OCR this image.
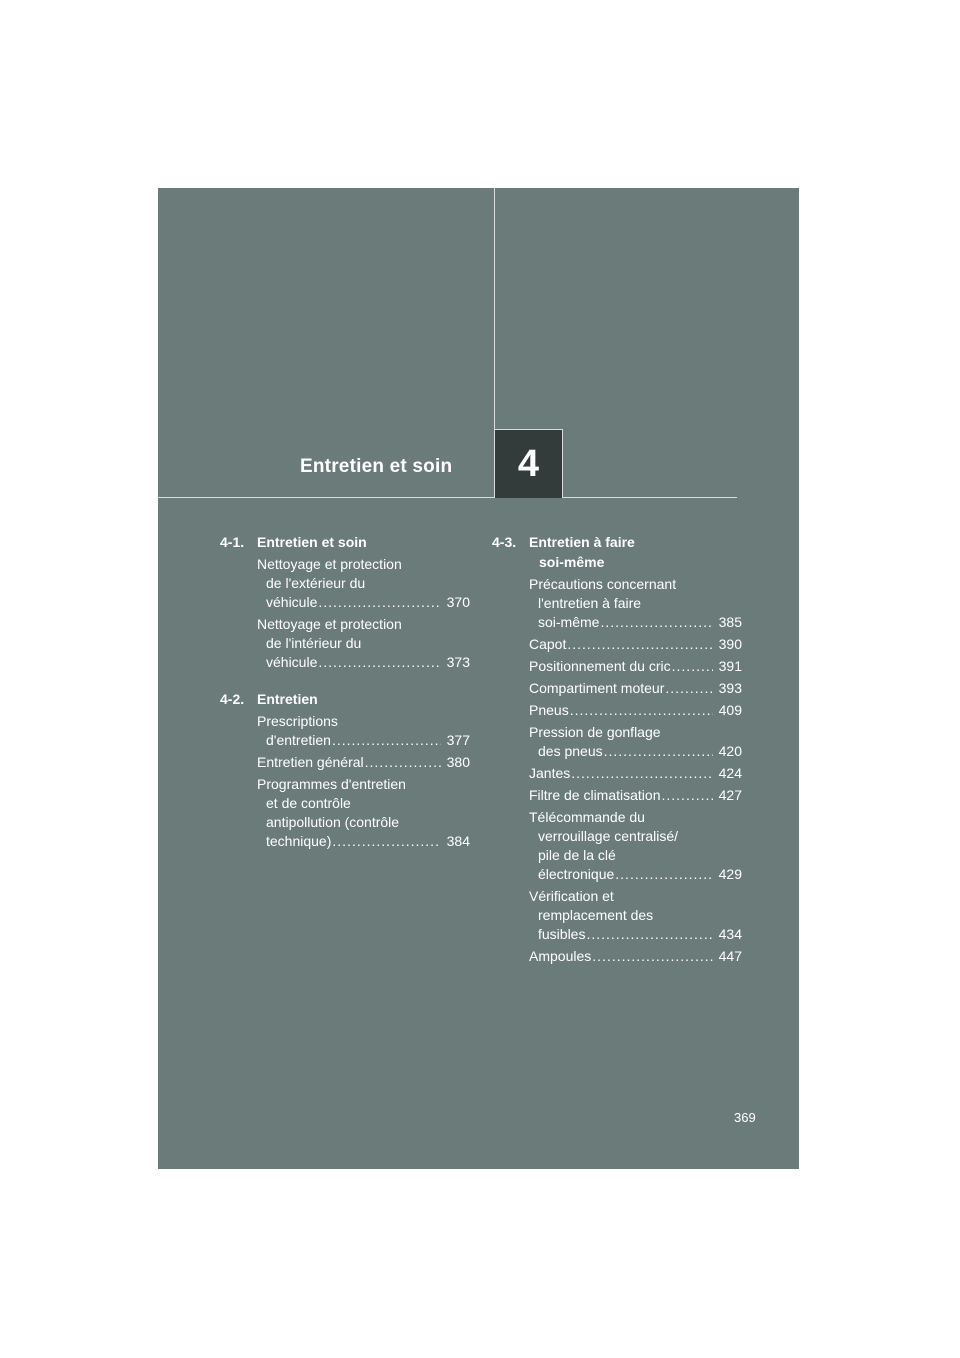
Entretien et soin 4
4-1. Entretien et soin
Nettoyage et protection
de l'extérieur du
véhicule .....	370
Nettoyage et protection
de l'intérieur du
véhicule .....	373
4-2. Entretien
Prescriptions
d'entretien .....	377
Entretien général .....	380
Programmes d'entretien
et de contrôle
antipollution (contrôle
technique) .....	384
4-3. Entretien à faire
soi-même
Précautions concernant
l'entretien à faire
soi-même .....	385
Capot .....	390
Positionnement du cric .....	391
Compartiment moteur .....	393
Pneus .....	409
Pression de gonflage
des pneus .....	420
Jantes .....	424
Filtre de climatisation .....	427
Télécommande du
verrouillage centralisé/
pile de la clé
électronique .....	429
Vérification et
remplacement des
fusibles .....	434
Ampoules .....	447
369
